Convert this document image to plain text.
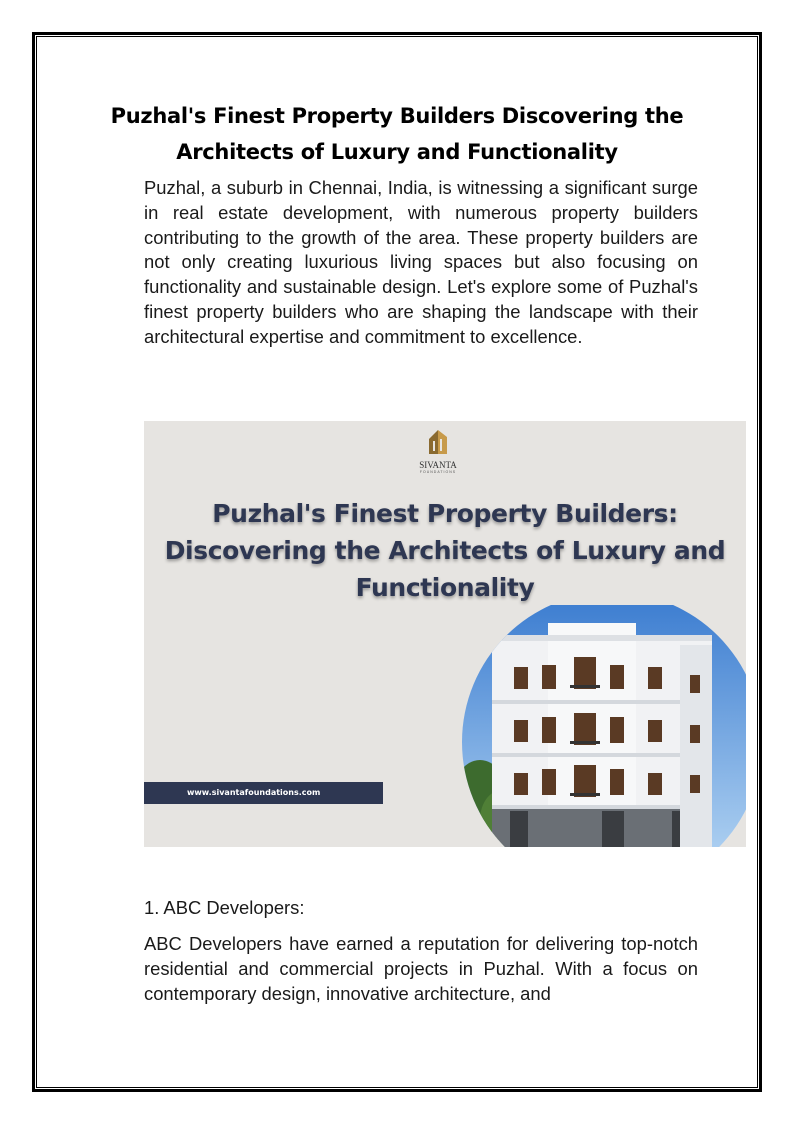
Puzhal's Finest Property Builders Discovering the Architects of Luxury and Functionality

Puzhal, a suburb in Chennai, India, is witnessing a significant surge in real estate development, with numerous property builders contributing to the growth of the area. These property builders are not only creating luxurious living spaces but also focusing on functionality and sustainable design. Let's explore some of Puzhal's finest property builders who are shaping the landscape with their architectural expertise and commitment to excellence.

SIVANTA
FOUNDATIONS
Puzhal's Finest Property Builders: Discovering the Architects of Luxury and Functionality
www.sivantafoundations.com

1. ABC Developers:

ABC Developers have earned a reputation for delivering top-notch residential and commercial projects in Puzhal. With a focus on contemporary design, innovative architecture, and
